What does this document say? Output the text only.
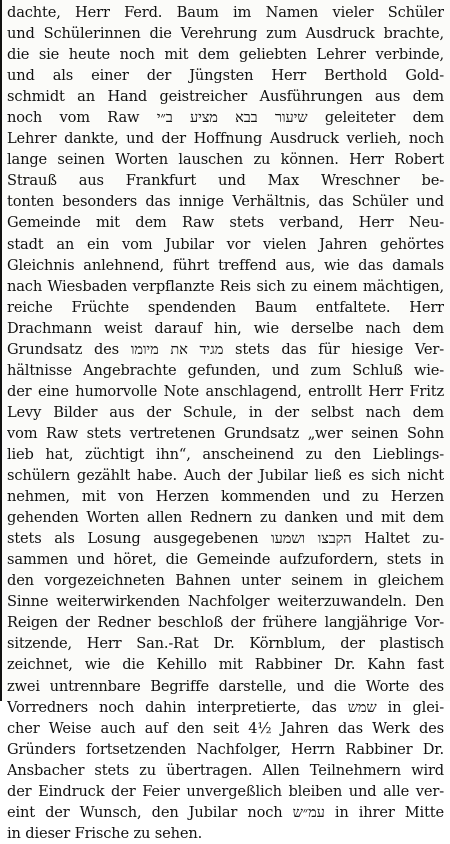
dachte, Herr Ferd. Baum im Namen vieler Schüler
und Schülerinnen die Verehrung zum Ausdruck brachte,
die sie heute noch mit dem geliebten Lehrer verbinde,
und als einer der Jüngsten Herr Berthold Gold-
schmidt an Hand geistreicher Ausführungen aus dem
noch vom Raw שיעור בבא מציע ב״י geleiteter dem
Lehrer dankte, und der Hoffnung Ausdruck verlieh, noch
lange seinen Worten lauschen zu können. Herr Robert
Strauß aus Frankfurt und Max Wreschner be-
tonten besonders das innige Verhältnis, das Schüler und
Gemeinde mit dem Raw stets verband, Herr Neu-
stadt an ein vom Jubilar vor vielen Jahren gehörtes
Gleichnis anlehnend, führt treffend aus, wie das damals
nach Wiesbaden verpflanzte Reis sich zu einem mächtigen,
reiche Früchte spendenden Baum entfaltete. Herr
Drachmann weist darauf hin, wie derselbe nach dem
Grundsatz des מגיד את מיומו stets das für hiesige Ver-
hältnisse Angebrachte gefunden, und zum Schluß wie-
der eine humorvolle Note anschlagend, entrollt Herr Fritz
Levy Bilder aus der Schule, in der selbst nach dem
vom Raw stets vertretenen Grundsatz „wer seinen Sohn
lieb hat, züchtigt ihn“, anscheinend zu den Lieblings-
schülern gezählt habe. Auch der Jubilar ließ es sich nicht
nehmen, mit von Herzen kommenden und zu Herzen
gehenden Worten allen Rednern zu danken und mit dem
stets als Losung ausgegebenen הקבצו ושמעו Haltet zu-
sammen und höret, die Gemeinde aufzufordern, stets in
den vorgezeichneten Bahnen unter seinem in gleichem
Sinne weiterwirkenden Nachfolger weiterzuwandeln. Den
Reigen der Redner beschloß der frühere langjährige Vor-
sitzende, Herr San.-Rat Dr. Körnblum, der plastisch
zeichnet, wie die Kehillo mit Rabbiner Dr. Kahn fast
zwei untrennbare Begriffe darstelle, und die Worte des
Vorredners noch dahin interpretierte, das שמש in glei-
cher Weise auch auf den seit 4½ Jahren das Werk des
Gründers fortsetzenden Nachfolger, Herrn Rabbiner Dr.
Ansbacher stets zu übertragen. Allen Teilnehmern wird
der Eindruck der Feier unvergeßlich bleiben und alle ver-
eint der Wunsch, den Jubilar noch עמ״ש in ihrer Mitte
in dieser Frische zu sehen.
